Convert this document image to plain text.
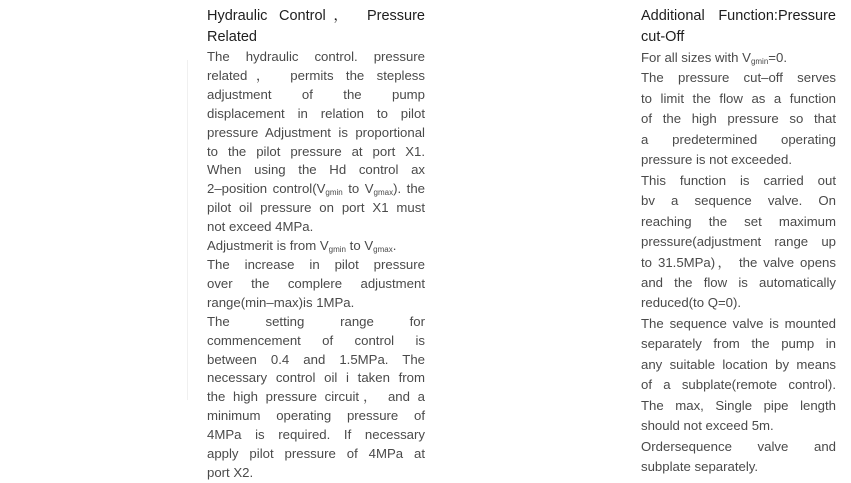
Hydraulic Control， Pressure
Related
The hydraulic control. pressure
related， permits the stepless
adjustment of the pump
displacement in relation to pilot
pressure Adjustment is proportional
to the pilot pressure at port X1.
When using the Hd control ax
2–position $control(V_{gmin}$ to $V_{gmax}$). the
pilot oil pressure on port X1 must
not exceed 4MPa.
Adjustmerit is from $V_{gmin}$ to $V_{gmax}$.
The increase in pilot pressure
over the complere adjustment
range(min–max)is 1MPa.
The setting range for
commencement of control is
between 0.4 and 1.5MPa. The
necessary control oil i taken from
the high pressure circuit， and a
minimum operating pressure of
4MPa is required. If necessary
apply pilot pressure of 4MPa at
port X2.
Additional Function:Pressure
cut-Off
For all sizes with $V_{gmin}=0$.
The pressure cut–off serves
to limit the flow as a function
of the high pressure so that
a predetermined operating
pressure is not exceeded.
This function is carried out
bv a sequence valve. On
reaching the set maximum
pressure(adjustment range up
to 31.5MPa)， the valve opens
and the flow is automatically
reduced(to Q=0).
The sequence valve is mounted
separately from the pump in
any suitable location by means
of a subplate(remote control).
The max, Single pipe length
should not exceed 5m.
Ordersequence valve and
subplate separately.
